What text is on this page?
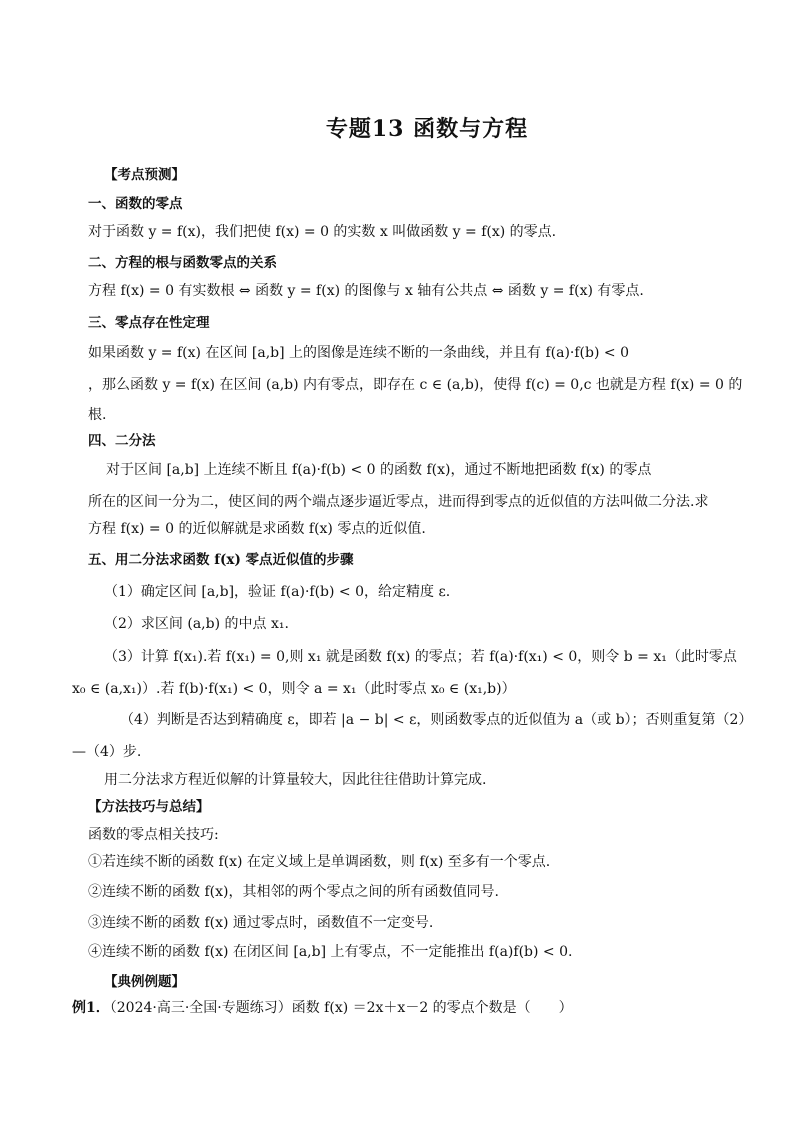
专题13 函数与方程
【考点预测】
一、函数的零点
对于函数 y = f(x)，我们把使 f(x) = 0 的实数 x 叫做函数 y = f(x) 的零点.
二、方程的根与函数零点的关系
方程 f(x) = 0 有实数根 ⇔ 函数 y = f(x) 的图像与 x 轴有公共点 ⇔ 函数 y = f(x) 有零点.
三、零点存在性定理
如果函数 y = f(x) 在区间 [a,b] 上的图像是连续不断的一条曲线，并且有 f(a)·f(b) < 0
，那么函数 y = f(x) 在区间 (a,b) 内有零点，即存在 c ∈ (a,b)，使得 f(c) = 0,c 也就是方程 f(x) = 0 的
根.
四、二分法
对于区间 [a,b] 上连续不断且 f(a)·f(b) < 0 的函数 f(x)，通过不断地把函数 f(x) 的零点
所在的区间一分为二，使区间的两个端点逐步逼近零点，进而得到零点的近似值的方法叫做二分法.求
方程 f(x) = 0 的近似解就是求函数 f(x) 零点的近似值.
五、用二分法求函数 f(x) 零点近似值的步骤
（1）确定区间 [a,b]，验证 f(a)·f(b) < 0，给定精度 ε.
（2）求区间 (a,b) 的中点 x₁.
（3）计算 f(x₁).若 f(x₁) = 0,则 x₁ 就是函数 f(x) 的零点；若 f(a)·f(x₁) < 0，则令 b = x₁（此时零点
x₀ ∈ (a,x₁)）.若 f(b)·f(x₁) < 0，则令 a = x₁（此时零点 x₀ ∈ (x₁,b)）
（4）判断是否达到精确度 ε，即若 |a − b| < ε，则函数零点的近似值为 a（或 b）；否则重复第（2）
—（4）步.
用二分法求方程近似解的计算量较大，因此往往借助计算完成.
【方法技巧与总结】
函数的零点相关技巧:
①若连续不断的函数 f(x) 在定义域上是单调函数，则 f(x) 至多有一个零点.
②连续不断的函数 f(x)，其相邻的两个零点之间的所有函数值同号.
③连续不断的函数 f(x) 通过零点时，函数值不一定变号.
④连续不断的函数 f(x) 在闭区间 [a,b] 上有零点，不一定能推出 f(a)f(b) < 0.
【典例例题】
例1．（2024·高三·全国·专题练习）函数 f(x) ＝2x＋x－2 的零点个数是（　　）
